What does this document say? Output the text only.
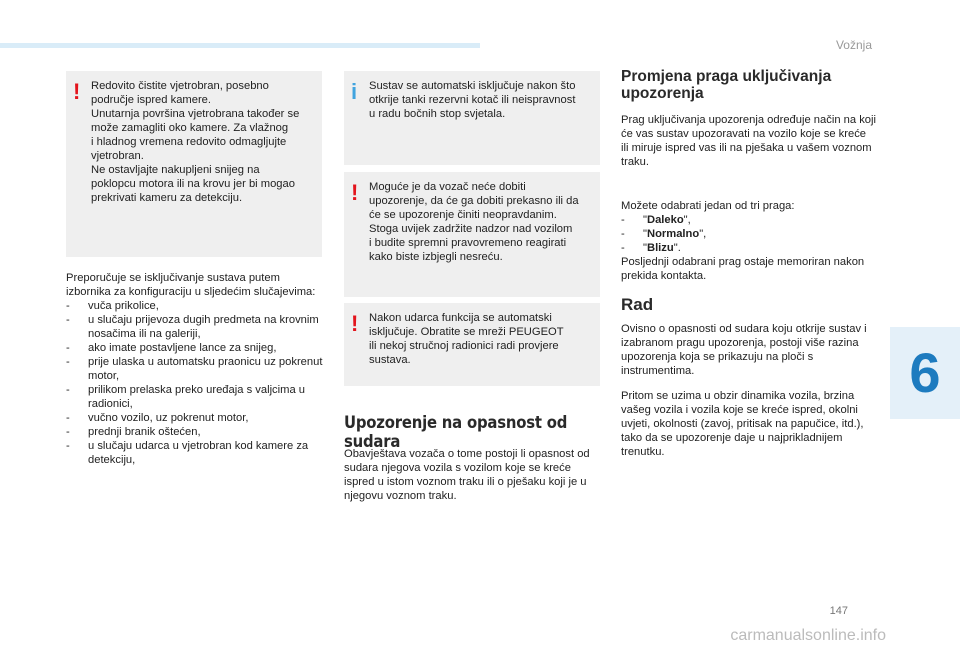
Vožnja
6
! Redovito čistite vjetrobran, posebno
područje ispred kamere.
Unutarnja površina vjetrobrana također se
može zamagliti oko kamere. Za vlažnog
i hladnog vremena redovito odmagljujte
vjetrobran.
Ne ostavljajte nakupljeni snijeg na
poklopcu motora ili na krovu jer bi mogao
prekrivati kameru za detekciju.

Preporučuje se isključivanje sustava putem izbornika za konfiguraciju u sljedećim slučajevima:

- vuča prikolice,
- u slučaju prijevoza dugih predmeta na krovnim nosačima ili na galeriji,
- ako imate postavljene lance za snijeg,
- prije ulaska u automatsku praonicu uz pokrenut motor,
- prilikom prelaska preko uređaja s valjcima u radionici,
- vučno vozilo, uz pokrenut motor,
- prednji branik oštećen,
- u slučaju udarca u vjetrobran kod kamere za detekciju,
i Sustav se automatski isključuje nakon što
otkrije tanki rezervni kotač ili neispravnost
u radu bočnih stop svjetala.

! Moguće je da vozač neće dobiti
upozorenje, da će ga dobiti prekasno ili da
će se upozorenje činiti neopravdanim.
Stoga uvijek zadržite nadzor nad vozilom
i budite spremni pravovremeno reagirati
kako biste izbjegli nesreću.

! Nakon udarca funkcija se automatski
isključuje. Obratite se mreži PEUGEOT
ili nekoj stručnoj radionici radi provjere
sustava.

Upozorenje na opasnost od sudara
Obavještava vozača o tome postoji li opasnost od sudara njegova vozila s vozilom koje se kreće ispred u istom voznom traku ili o pješaku koji je u njegovu voznom traku.
Promjena praga uključivanja upozorenja
Prag uključivanja upozorenja određuje način na koji će vas sustav upozoravati na vozilo koje se kreće ili miruje ispred vas ili na pješaka u vašem voznom traku.

Možete odabrati jedan od tri praga:

- "Daleko",
- "Normalno",
- "Blizu".

Posljednji odabrani prag ostaje memoriran nakon prekida kontakta.

Rad
Ovisno o opasnosti od sudara koju otkrije sustav i izabranom pragu upozorenja, postoji više razina upozorenja koja se prikazuju na ploči s instrumentima.
Pritom se uzima u obzir dinamika vozila, brzina vašeg vozila i vozila koje se kreće ispred, okolni uvjeti, okolnosti (zavoj, pritisak na papučice, itd.), tako da se upozorenje daje u najprikladnijem trenutku.
147
carmanualsonline.info
